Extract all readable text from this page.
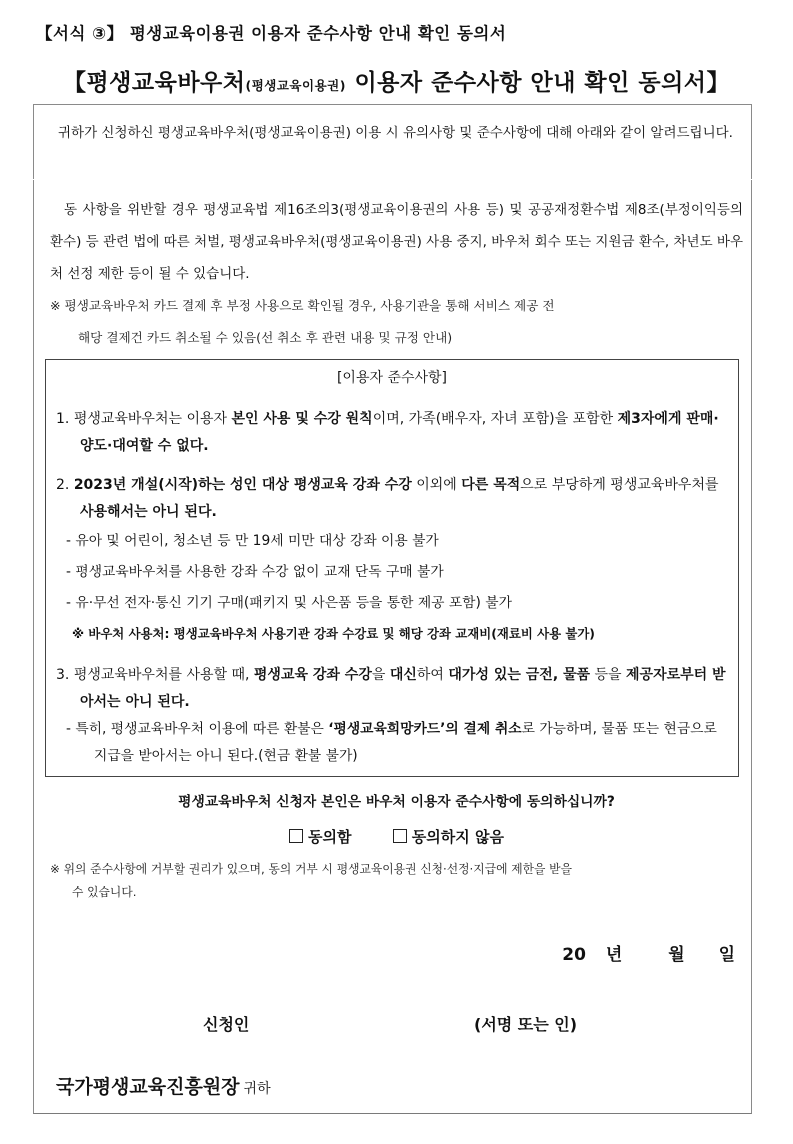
【서식 ③】 평생교육이용권 이용자 준수사항 안내 확인 동의서
【평생교육바우처(평생교육이용권) 이용자 준수사항 안내 확인 동의서】
귀하가 신청하신 평생교육바우처(평생교육이용권) 이용 시 유의사항 및 준수사항에 대해 아래와 같이 알려드립니다.
동 사항을 위반할 경우 평생교육법 제16조의3(평생교육이용권의 사용 등) 및 공공재정환수법 제8조(부정이익등의 환수) 등 관련 법에 따른 처벌, 평생교육바우처(평생교육이용권) 사용 중지, 바우처 회수 또는 지원금 환수, 차년도 바우처 선정 제한 등이 될 수 있습니다.
※ 평생교육바우처 카드 결제 후 부정 사용으로 확인될 경우, 사용기관을 통해 서비스 제공 전
해당 결제건 카드 취소될 수 있음(선 취소 후 관련 내용 및 규정 안내)
[이용자 준수사항]
1. 평생교육바우처는 이용자 본인 사용 및 수강 원칙이며, 가족(배우자, 자녀 포함)을 포함한 제3자에게 판매·양도·대여할 수 없다.
2. 2023년 개설(시작)하는 성인 대상 평생교육 강좌 수강 이외에 다른 목적으로 부당하게 평생교육바우처를 사용해서는 아니 된다.
- 유아 및 어린이, 청소년 등 만 19세 미만 대상 강좌 이용 불가
- 평생교육바우처를 사용한 강좌 수강 없이 교재 단독 구매 불가
- 유·무선 전자·통신 기기 구매(패키지 및 사은품 등을 통한 제공 포함) 불가
※ 바우처 사용처: 평생교육바우처 사용기관 강좌 수강료 및 해당 강좌 교재비(재료비 사용 불가)
3. 평생교육바우처를 사용할 때, 평생교육 강좌 수강을 대신하여 대가성 있는 금전, 물품 등을 제공자로부터 받아서는 아니 된다.
- 특히, 평생교육바우처 이용에 따른 환불은 ‘평생교육희망카드’의 결제 취소로 가능하며, 물품 또는 현금으로 지급을 받아서는 아니 된다.(현금 환불 불가)
평생교육바우처 신청자 본인은 바우처 이용자 준수사항에 동의하십니까?
동의함	동의하지 않음
※ 위의 준수사항에 거부할 권리가 있으며, 동의 거부 시 평생교육이용권 신청·선정·지급에 제한을 받을
수 있습니다.
20 년	월 일
신청인	(서명 또는 인)
국가평생교육진흥원장 귀하
